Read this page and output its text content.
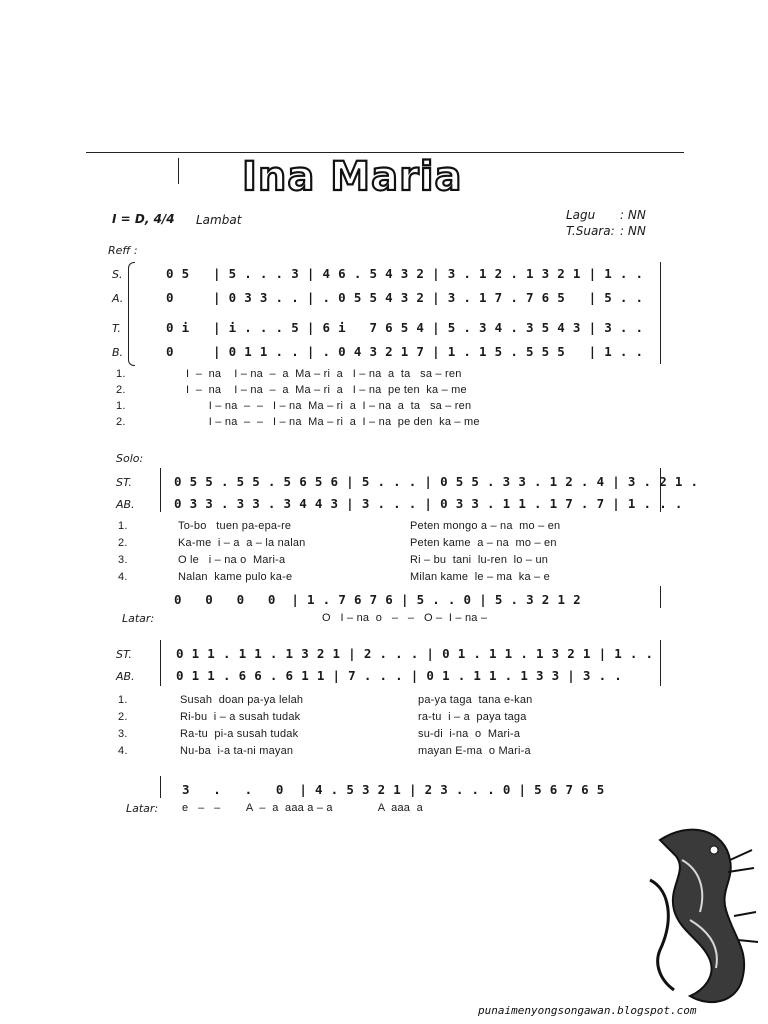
Ina Maria
I = D, 4/4 Lambat	Lagu : NN
T.Suara: : NN
Reff :
S.	0 5   | 5 . . . 3 | 4 6 . 5 4 3 2 | 3 . 1 2 . 1 3 2 1 | 1 . .
A.	0     | 0 3 3 . . | . 0 5 5 4 3 2 | 3 . 1 7 . 7 6 5   | 5 . .
T.	0 i   | i . . . 5 | 6 i   7 6 5 4 | 5 . 3 4 . 3 5 4 3 | 3 . .
B.	0     | 0 1 1 . . | . 0 4 3 2 1 7 | 1 . 1 5 . 5 5 5   | 1 . .
1.	I  –  na    I – na  –  a  Ma – ri  a   I – na  a  ta   sa – ren
2.	I  –  na    I – na  –  a  Ma – ri  a   I – na  pe ten  ka – me
1.	I – na  –  –   I – na  Ma – ri  a  I – na  a  ta   sa – ren
2.	I – na  –  –   I – na  Ma – ri  a  I – na  pe den  ka – me
Solo:
ST.	0 5 5 . 5 5 . 5 6 5 6 | 5 . . . | 0 5 5 . 3 3 . 1 2 . 4 | 3 . 2 1 .
AB.	0 3 3 . 3 3 . 3 4 4 3 | 3 . . . | 0 3 3 . 1 1 . 1 7 . 7 | 1 . . .
1.	To-bo   tuen pa-epa-re	Peten mongo a – na  mo – en
2.	Ka-me  i – a  a – la nalan	Peten kame  a – na  mo – en
3.	O le   i – na o  Mari-a	Ri – bu  tani  lu-ren  lo – un
4.	Nalan  kame pulo ka-e	Milan kame  le – ma  ka – e
0   0   0   0  | 1 . 7 6 7 6 | 5 . . 0 | 5 . 3 2 1 2
Latar:	O   I – na  o   –   –   O –  I – na –
ST.	0 1 1 . 1 1 . 1 3 2 1 | 2 . . . | 0 1 . 1 1 . 1 3 2 1 | 1 . .
AB.	0 1 1 . 6 6 . 6 1 1 | 7 . . . | 0 1 . 1 1 . 1 3 3 | 3 . .
1.	Susah  doan pa-ya lelah	pa-ya taga  tana e-kan
2.	Ri-bu  i – a susah tudak	ra-tu  i – a  paya taga
3.	Ra-tu  pi-a susah tudak	su-di  i-na  o  Mari-a
4.	Nu-ba  i-a ta-ni mayan	mayan E-ma  o Mari-a
3   .   .   0  | 4 . 5 3 2 1 | 2 3 . . . 0 | 5 6 7 6 5
Latar: e   –   –        A  –  a  aaa a – a              A  aaa  a
punaimenyongsongawan.blogspot.com
